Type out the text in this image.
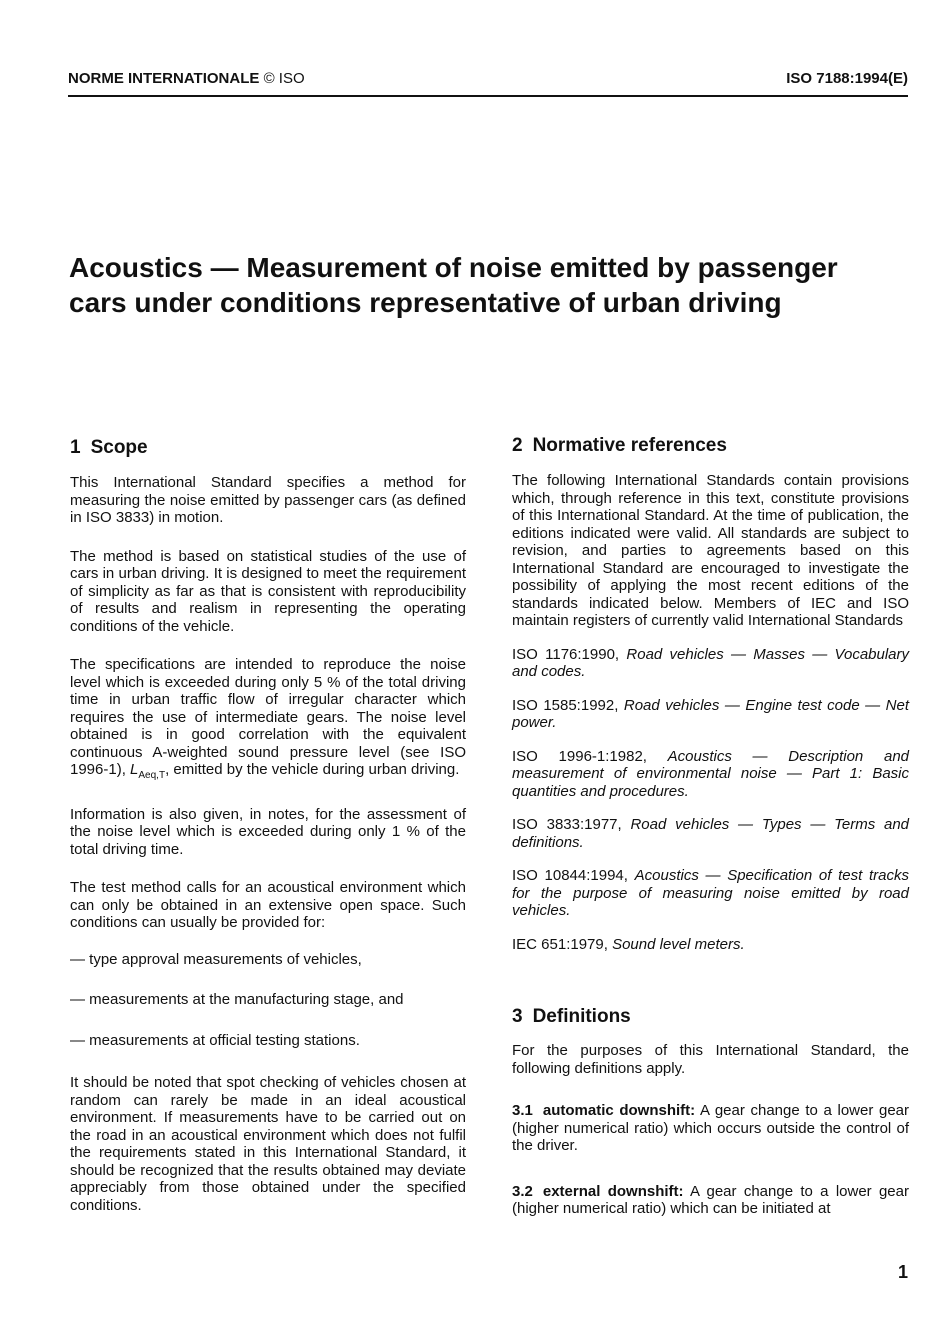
NORME INTERNATIONALE © ISO	ISO 7188:1994(E)
Acoustics — Measurement of noise emitted by passenger
cars under conditions representative of urban driving
1 Scope

This International Standard specifies a method for measuring the noise emitted by passenger cars (as defined in ISO 3833) in motion.

The method is based on statistical studies of the use of cars in urban driving. It is designed to meet the requirement of simplicity as far as that is consistent with reproducibility of results and realism in representing the operating conditions of the vehicle.

The specifications are intended to reproduce the noise level which is exceeded during only 5 % of the total driving time in urban traffic flow of irregular character which requires the use of intermediate gears. The noise level obtained is in good correlation with the equivalent continuous A-weighted sound pressure level (see ISO 1996-1), $L_{Aeq,T}$, emitted by the vehicle during urban driving.

Information is also given, in notes, for the assessment of the noise level which is exceeded during only 1 % of the total driving time.

The test method calls for an acoustical environment which can only be obtained in an extensive open space. Such conditions can usually be provided for:

— type approval measurements of vehicles,

— measurements at the manufacturing stage, and

— measurements at official testing stations.

It should be noted that spot checking of vehicles chosen at random can rarely be made in an ideal acoustical environment. If measurements have to be carried out on the road in an acoustical environment which does not fulfil the requirements stated in this International Standard, it should be recognized that the results obtained may deviate appreciably from those obtained under the specified conditions.

2 Normative references

The following International Standards contain provisions which, through reference in this text, constitute provisions of this International Standard. At the time of publication, the editions indicated were valid. All standards are subject to revision, and parties to agreements based on this International Standard are encouraged to investigate the possibility of applying the most recent editions of the standards indicated below. Members of IEC and ISO maintain registers of currently valid International Standards

ISO 1176:1990, Road vehicles — Masses — Vocabulary and codes.

ISO 1585:1992, Road vehicles — Engine test code — Net power.

ISO 1996-1:1982, Acoustics — Description and measurement of environmental noise — Part 1: Basic quantities and procedures.

ISO 3833:1977, Road vehicles — Types — Terms and definitions.

ISO 10844:1994, Acoustics — Specification of test tracks for the purpose of measuring noise emitted by road vehicles.

IEC 651:1979, Sound level meters.

3 Definitions

For the purposes of this International Standard, the following definitions apply.

3.1 automatic downshift: A gear change to a lower gear (higher numerical ratio) which occurs outside the control of the driver.

3.2 external downshift: A gear change to a lower gear (higher numerical ratio) which can be initiated at

1
